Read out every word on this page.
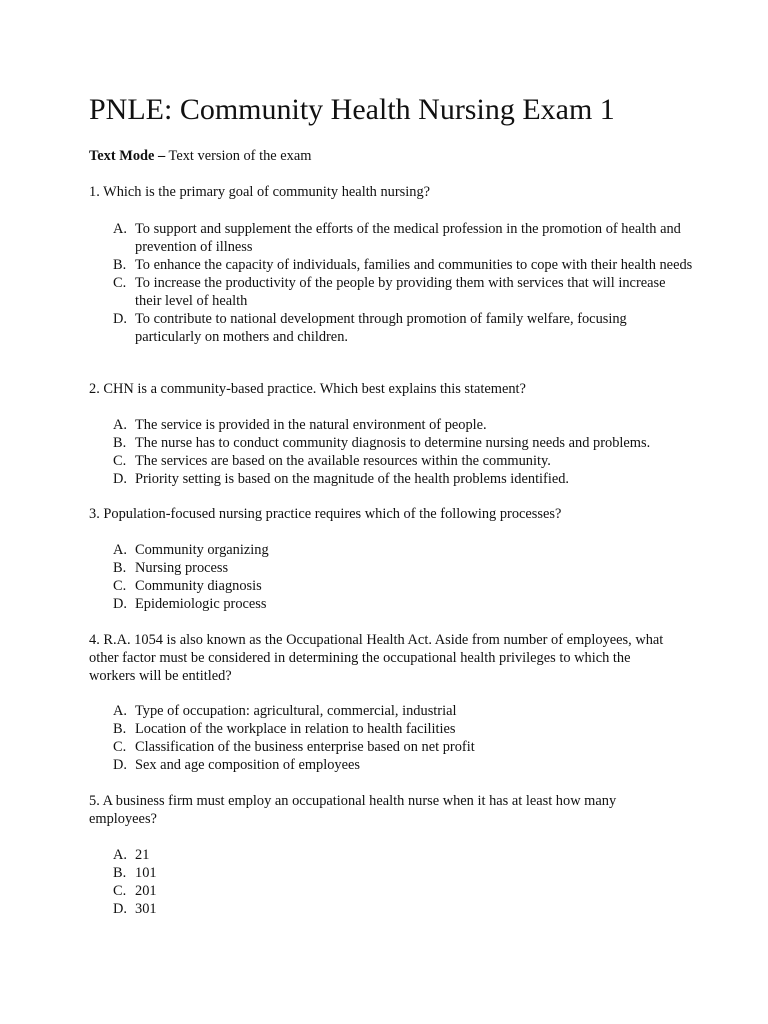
PNLE: Community Health Nursing Exam 1
Text Mode – Text version of the exam
1. Which is the primary goal of community health nursing?
A. To support and supplement the efforts of the medical profession in the promotion of health and prevention of illness
B. To enhance the capacity of individuals, families and communities to cope with their health needs
C. To increase the productivity of the people by providing them with services that will increase their level of health
D. To contribute to national development through promotion of family welfare, focusing particularly on mothers and children.
2. CHN is a community-based practice. Which best explains this statement?
A. The service is provided in the natural environment of people.
B. The nurse has to conduct community diagnosis to determine nursing needs and problems.
C. The services are based on the available resources within the community.
D. Priority setting is based on the magnitude of the health problems identified.
3. Population-focused nursing practice requires which of the following processes?
A. Community organizing
B. Nursing process
C. Community diagnosis
D. Epidemiologic process
4. R.A. 1054 is also known as the Occupational Health Act. Aside from number of employees, what other factor must be considered in determining the occupational health privileges to which the workers will be entitled?
A. Type of occupation: agricultural, commercial, industrial
B. Location of the workplace in relation to health facilities
C. Classification of the business enterprise based on net profit
D. Sex and age composition of employees
5. A business firm must employ an occupational health nurse when it has at least how many employees?
A. 21
B. 101
C. 201
D. 301
